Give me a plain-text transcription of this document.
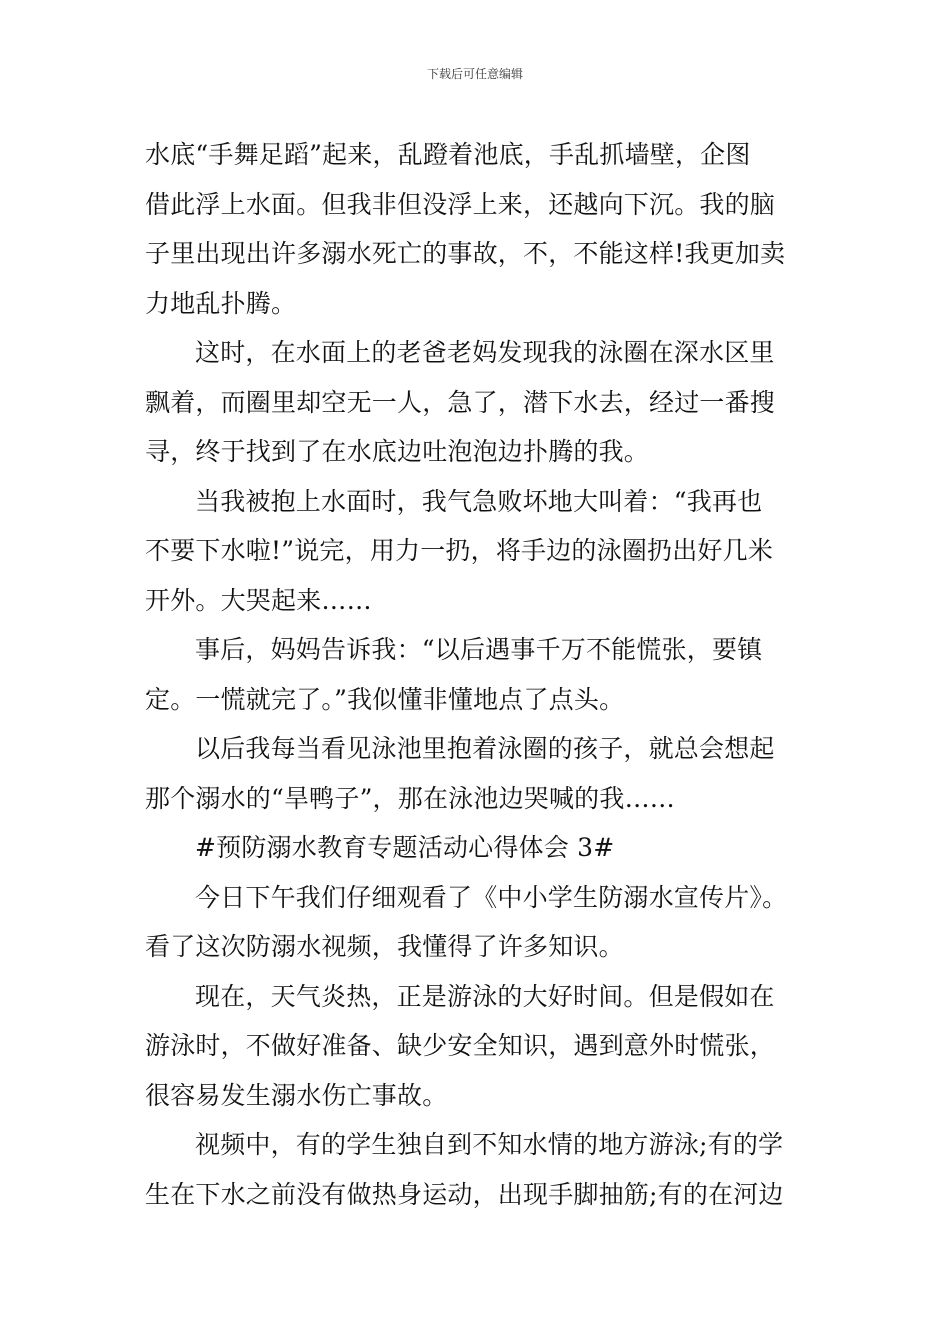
下载后可任意编辑
水底“手舞足蹈”起来，乱蹬着池底，手乱抓墙壁，企图
借此浮上水面。但我非但没浮上来，还越向下沉。我的脑
子里出现出许多溺水死亡的事故，不，不能这样!我更加卖
力地乱扑腾。
这时，在水面上的老爸老妈发现我的泳圈在深水区里
飘着，而圈里却空无一人，急了，潜下水去，经过一番搜
寻，终于找到了在水底边吐泡泡边扑腾的我。
当我被抱上水面时，我气急败坏地大叫着：“我再也
不要下水啦!”说完，用力一扔，将手边的泳圈扔出好几米
开外。大哭起来……
事后，妈妈告诉我：“以后遇事千万不能慌张，要镇
定。一慌就完了。”我似懂非懂地点了点头。
以后我每当看见泳池里抱着泳圈的孩子，就总会想起
那个溺水的“旱鸭子”，那在泳池边哭喊的我……
#预防溺水教育专题活动心得体会 3#
今日下午我们仔细观看了《中小学生防溺水宣传片》。
看了这次防溺水视频，我懂得了许多知识。
现在，天气炎热，正是游泳的大好时间。但是假如在
游泳时，不做好准备、缺少安全知识，遇到意外时慌张，
很容易发生溺水伤亡事故。
视频中，有的学生独自到不知水情的地方游泳;有的学
生在下水之前没有做热身运动，出现手脚抽筋;有的在河边
